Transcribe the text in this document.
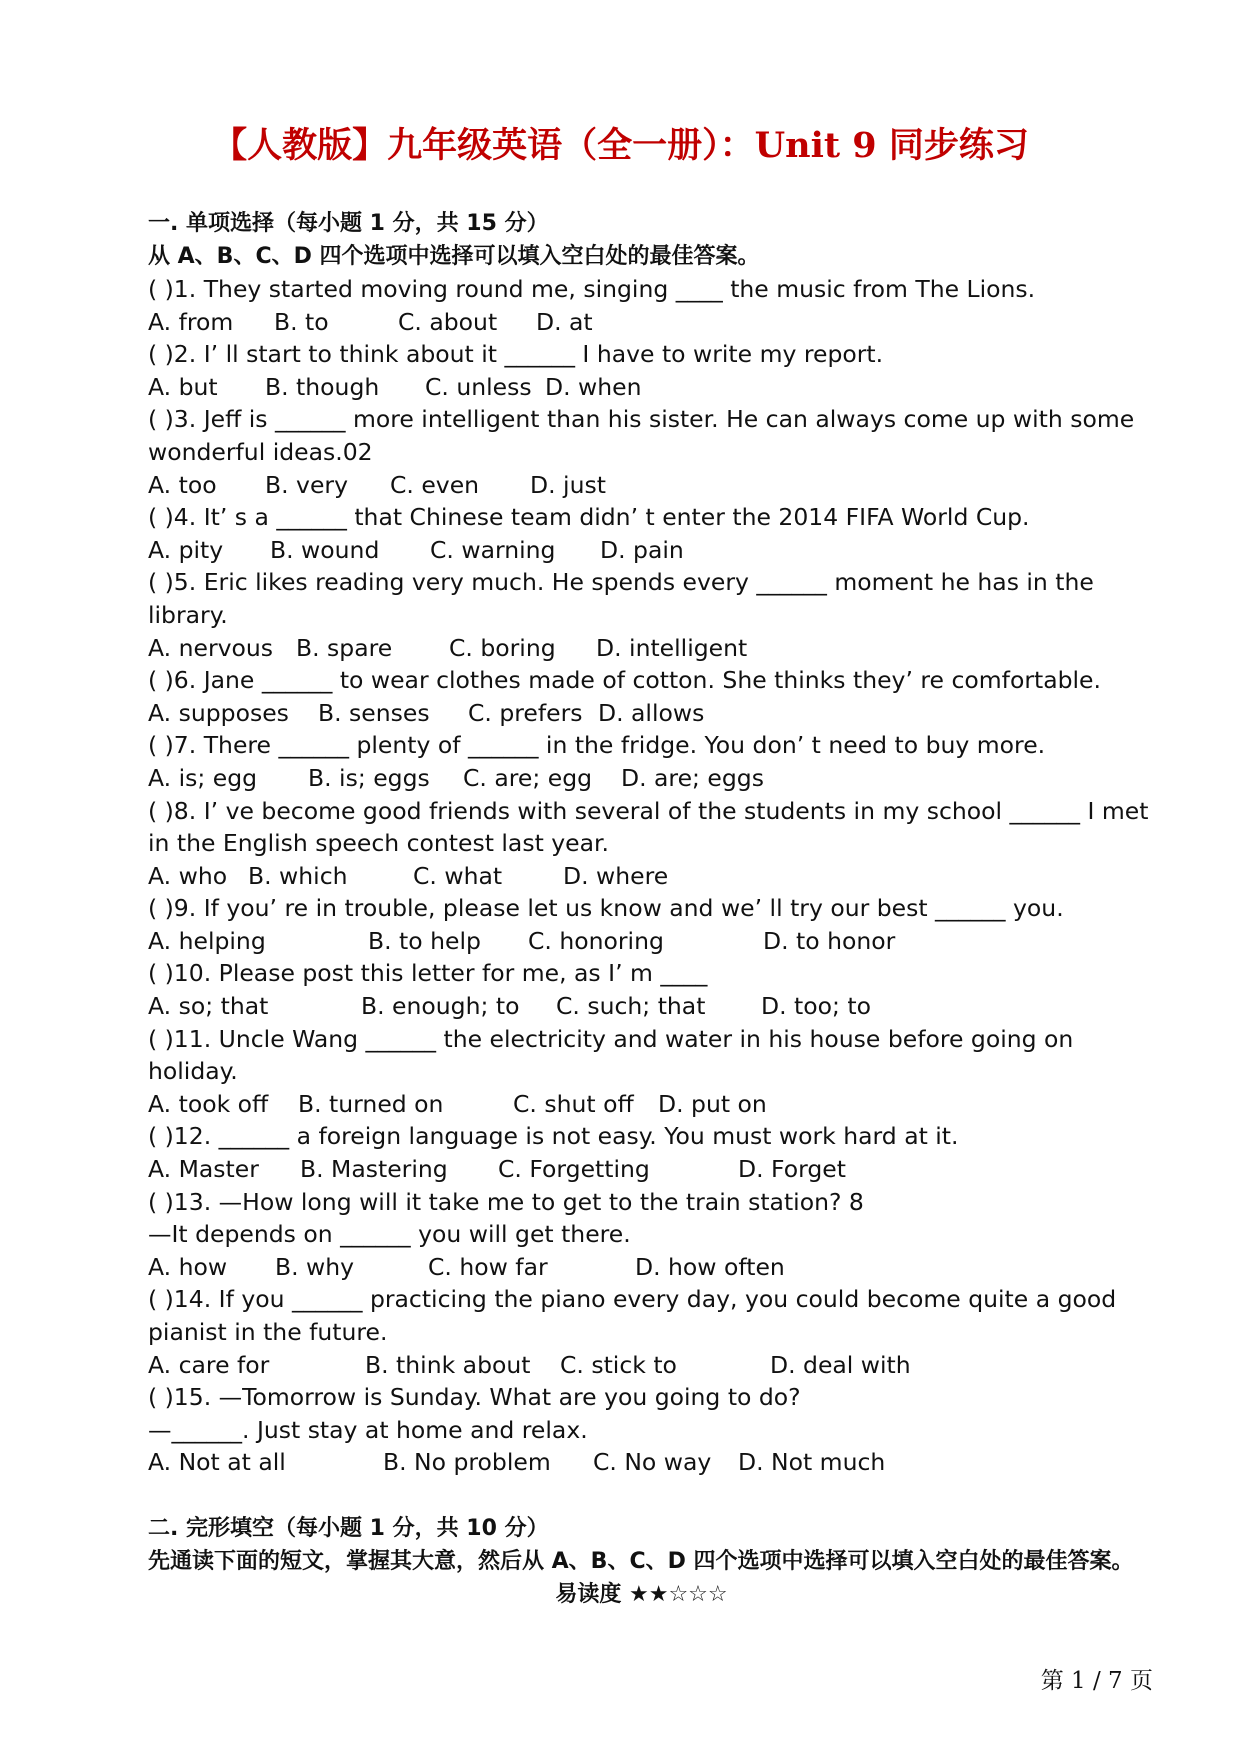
【人教版】九年级英语（全一册）：Unit 9 同步练习
一. 单项选择（每小题 1 分，共 15 分）
从 A、B、C、D 四个选项中选择可以填入空白处的最佳答案。
( )1. They started moving round me, singing ____ the music from The Lions.
A. from	B. to	C. about	D. at
( )2. I’ ll start to think about it ______ I have to write my report.
A. but	B. though	C. unless D. when
( )3. Jeff is ______ more intelligent than his sister. He can always come up with some wonderful ideas.02
A. too	B. very	C. even	D. just
( )4. It’ s a ______ that Chinese team didn’ t enter the 2014 FIFA World Cup.
A. pity	B. wound	C. warning	D. pain
( )5. Eric likes reading very much. He spends every ______ moment he has in the library.
A. nervous B. spare	C. boring	D. intelligent
( )6. Jane ______ to wear clothes made of cotton. She thinks they’ re comfortable.
A. supposes	B. senses	C. prefers D. allows
( )7. There ______ plenty of ______ in the fridge. You don’ t need to buy more.
A. is; egg	B. is; eggs	C. are; egg	D. are; eggs
( )8. I’ ve become good friends with several of the students in my school ______ I met in the English speech contest last year.
A. who B. which	C. what	D. where
( )9. If you’ re in trouble, please let us know and we’ ll try our best ______ you.
A. helping	B. to help	C. honoring	D. to honor
( )10. Please post this letter for me, as I’ m ____
A. so; that	B. enough; to	C. such; that	D. too; to
( )11. Uncle Wang ______ the electricity and water in his house before going on holiday.
A. took off	B. turned on	C. shut off	D. put on
( )12. ______ a foreign language is not easy. You must work hard at it.
A. Master	B. Mastering	C. Forgetting	D. Forget
( )13. —How long will it take me to get to the train station? 8
—It depends on ______ you will get there.
A. how	B. why	C. how far	D. how often
( )14. If you ______ practicing the piano every day, you could become quite a good pianist in the future.
A. care for	B. think about	C. stick to	D. deal with
( )15. —Tomorrow is Sunday. What are you going to do?
—______. Just stay at home and relax.
A. Not at all	B. No problem	C. No way	D. Not much
二. 完形填空（每小题 1 分，共 10 分）
先通读下面的短文，掌握其大意，然后从 A、B、C、D 四个选项中选择可以填入空白处的最佳答案。
易读度 ★★☆☆☆
第 1 / 7 页
